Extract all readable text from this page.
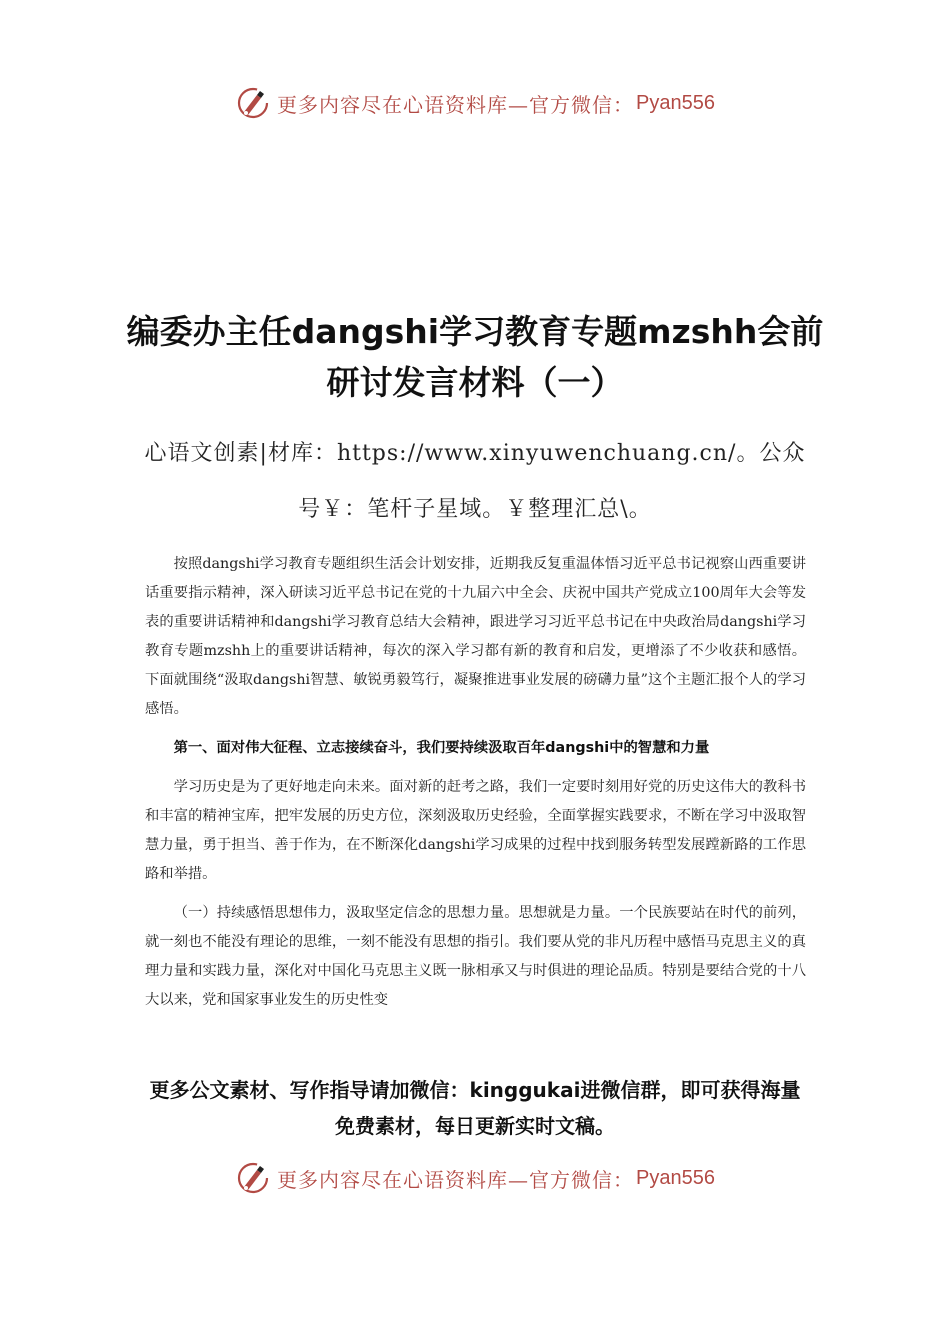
更多内容尽在心语资料库—官方微信： Pyan556
编委办主任dangshi学习教育专题mzshh会前研讨发言材料（一）
心语文创素|材库：https://www.xinyuwenchuang.cn/。公众号￥：笔杆子星域。￥整理汇总\。

按照dangshi学习教育专题组织生活会计划安排，近期我反复重温体悟习近平总书记视察山西重要讲话重要指示精神，深入研读习近平总书记在党的十九届六中全会、庆祝中国共产党成立100周年大会等发表的重要讲话精神和dangshi学习教育总结大会精神，跟进学习习近平总书记在中央政治局dangshi学习教育专题mzshh上的重要讲话精神，每次的深入学习都有新的教育和启发，更增添了不少收获和感悟。下面就围绕“汲取dangshi智慧、敏锐勇毅笃行，凝聚推进事业发展的磅礴力量”这个主题汇报个人的学习感悟。

第一、面对伟大征程、立志接续奋斗，我们要持续汲取百年dangshi中的智慧和力量

学习历史是为了更好地走向未来。面对新的赶考之路，我们一定要时刻用好党的历史这伟大的教科书和丰富的精神宝库，把牢发展的历史方位，深刻汲取历史经验，全面掌握实践要求，不断在学习中汲取智慧力量，勇于担当、善于作为，在不断深化dangshi学习成果的过程中找到服务转型发展蹚新路的工作思路和举措。

（一）持续感悟思想伟力，汲取坚定信念的思想力量。思想就是力量。一个民族要站在时代的前列，就一刻也不能没有理论的思维，一刻不能没有思想的指引。我们要从党的非凡历程中感悟马克思主义的真理力量和实践力量，深化对中国化马克思主义既一脉相承又与时俱进的理论品质。特别是要结合党的十八大以来，党和国家事业发生的历史性变

更多公文素材、写作指导请加微信：kinggukai进微信群，即可获得海量免费素材，每日更新实时文稿。
更多内容尽在心语资料库—官方微信： Pyan556
